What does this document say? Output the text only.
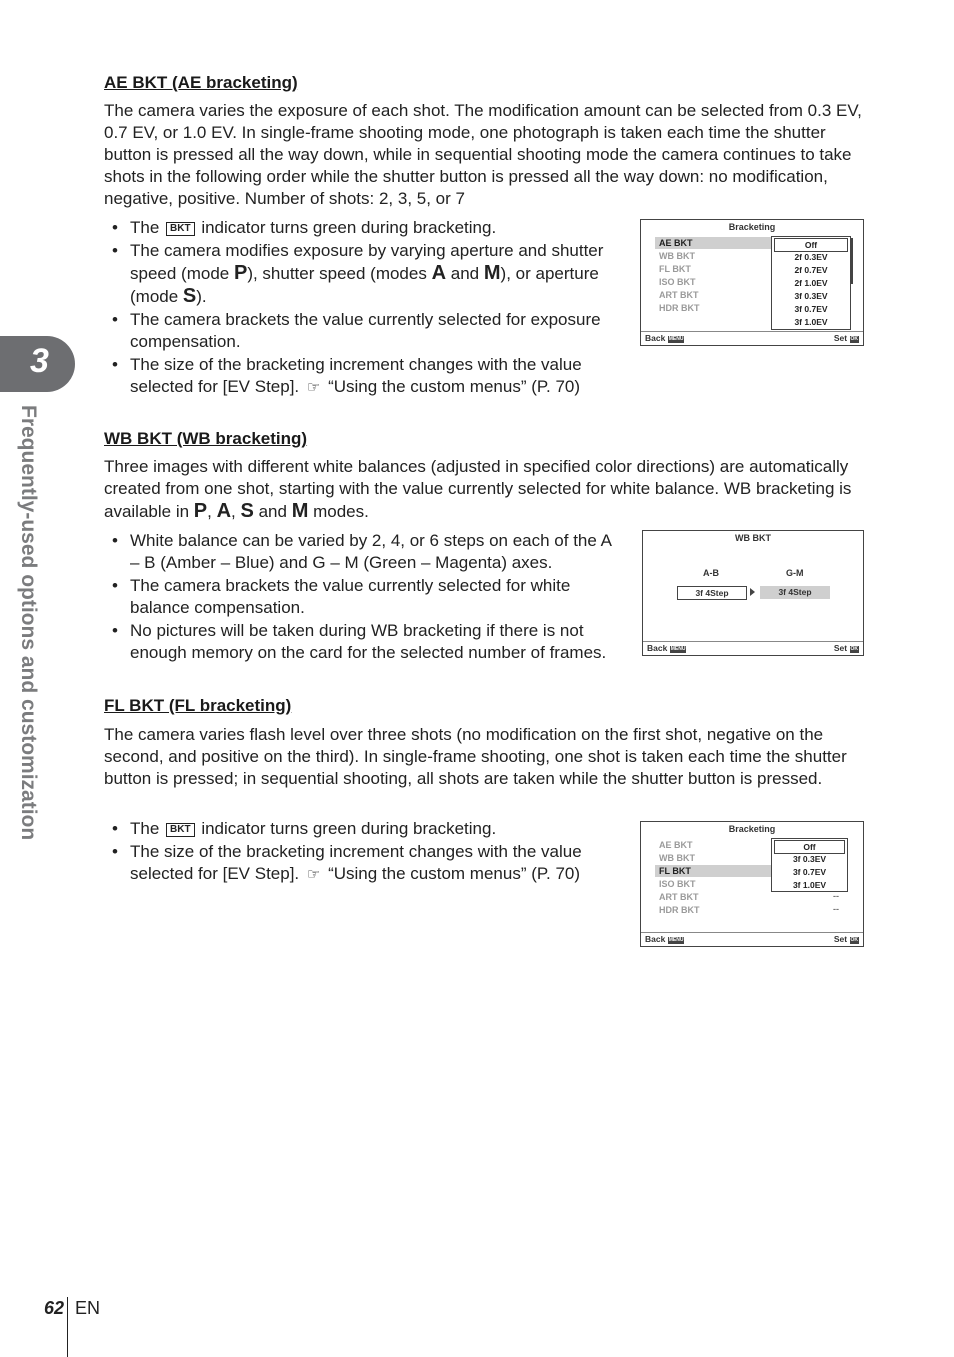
3
Frequently-used options and customization
AE BKT (AE bracketing)
The camera varies the exposure of each shot. The modification amount can be selected from 0.3 EV, 0.7 EV, or 1.0 EV. In single-frame shooting mode, one photograph is taken each time the shutter button is pressed all the way down, while in sequential shooting mode the camera continues to take shots in the following order while the shutter button is pressed all the way down: no modification, negative, positive. Number of shots: 2, 3, 5, or 7
• The BKT indicator turns green during bracketing.
• The camera modifies exposure by varying aperture and shutter speed (mode P), shutter speed (modes A and M), or aperture (mode S).
• The camera brackets the value currently selected for exposure compensation.
• The size of the bracketing increment changes with the value selected for [EV Step]. ☞ “Using the custom menus” (P. 70)
Bracketing
AE BKT
WB BKT
FL BKT
ISO BKT
ART BKT
HDR BKT
Off
2f 0.3EV
2f 0.7EV
2f 1.0EV
3f 0.3EV
3f 0.7EV
3f 1.0EV
Back MENU	Set OK
WB BKT (WB bracketing)
Three images with different white balances (adjusted in specified color directions) are automatically created from one shot, starting with the value currently selected for white balance. WB bracketing is available in P, A, S and M modes.
• White balance can be varied by 2, 4, or 6 steps on each of the A – B (Amber – Blue) and G – M (Green – Magenta) axes.
• The camera brackets the value currently selected for white balance compensation.
• No pictures will be taken during WB bracketing if there is not enough memory on the card for the selected number of frames.
WB BKT
A-B	G-M
3f 4Step	3f 4Step
Back MENU	Set OK
FL BKT (FL bracketing)
The camera varies flash level over three shots (no modification on the first shot, negative on the second, and positive on the third). In single-frame shooting, one shot is taken each time the shutter button is pressed; in sequential shooting, all shots are taken while the shutter button is pressed.
• The BKT indicator turns green during bracketing.
• The size of the bracketing increment changes with the value selected for [EV Step]. ☞ “Using the custom menus” (P. 70)
Bracketing
AE BKT
WB BKT
FL BKT
ISO BKT
ART BKT
HDR BKT
Off
3f 0.3EV
3f 0.7EV
3f 1.0EV
--
--
Back MENU	Set OK
62 EN
